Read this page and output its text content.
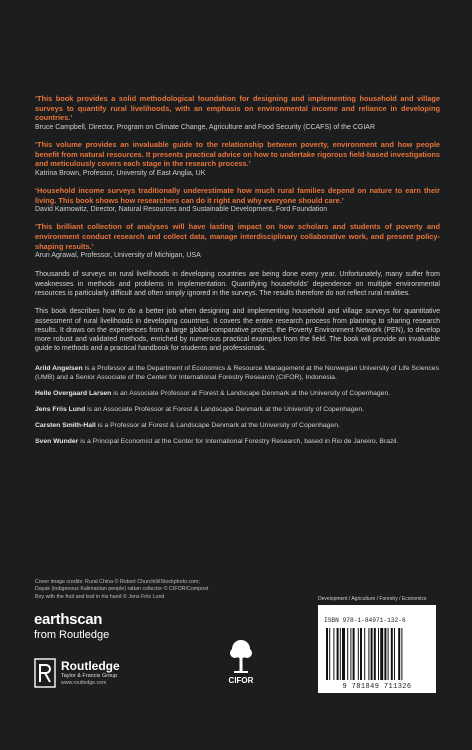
‘This book provides a solid methodological foundation for designing and implementing household and village surveys to quantify rural livelihoods, with an emphasis on environmental income and reliance in developing countries.’

Bruce Campbell, Director, Program on Climate Change, Agriculture and Food Security (CCAFS) of the CGIAR

‘This volume provides an invaluable guide to the relationship between poverty, environment and how people benefit from natural resources. It presents practical advice on how to undertake rigorous field-based investigations and meticulously covers each stage in the research process.’

Katrina Brown, Professor, University of East Anglia, UK

‘Household income surveys traditionally underestimate how much rural families depend on nature to earn their living. This book shows how researchers can do it right and why everyone should care.’

David Kaimowitz, Director, Natural Resources and Sustainable Development, Ford Foundation

‘This brilliant collection of analyses will have lasting impact on how scholars and students of poverty and environment conduct research and collect data, manage interdisciplinary collaborative work, and present policy-shaping results.’

Arun Agrawal, Professor, University of Michigan, USA

Thousands of surveys on rural livelihoods in developing countries are being done every year. Unfortunately, many suffer from weaknesses in methods and problems in implementation. Quantifying households’ dependence on multiple environmental resources is particularly difficult and often simply ignored in the surveys. The results therefore do not reflect rural realities.

This book describes how to do a better job when designing and implementing household and village surveys for quantitative assessment of rural livelihoods in developing countries. It covers the entire research process from planning to sharing research results. It draws on the experiences from a large global-comparative project, the Poverty Environment Network (PEN), to develop more robust and validated methods, enriched by numerous practical examples from the field. The book will provide an invaluable guide to methods and a practical handbook for students and professionals.

Arild Angelsen is a Professor at the Department of Economics & Resource Management at the Norwegian University of Life Sciences (UMB) and a Senior Associate of the Center for International Forestry Research (CIFOR), Indonesia.

Helle Overgaard Larsen is an Associate Professor at Forest & Landscape Denmark at the University of Copenhagen.

Jens Friis Lund is an Associate Professor at Forest & Landscape Denmark at the University of Copenhagen.

Carsten Smith-Hall is a Professor at Forest & Landscape Denmark at the University of Copenhagen.

Sven Wunder is a Principal Economist at the Center for International Forestry Research, based in Rio de Janeiro, Brazil.

Cover image credits: Rural China © Robert Churchill/iStockphoto.com;
Dayak (indigenous Kalimantan people) rattan collector © CIFOR/Compost
Boy with the fruit and leaf in his hand © Jens Friis Lund
earthscan
from Routledge
Routledge
Taylor & Francis Group
www.routledge.com	CIFOR
Development / Agriculture / Forestry / Economics
ISBN 978-1-84971-132-6
9 781849 711326
